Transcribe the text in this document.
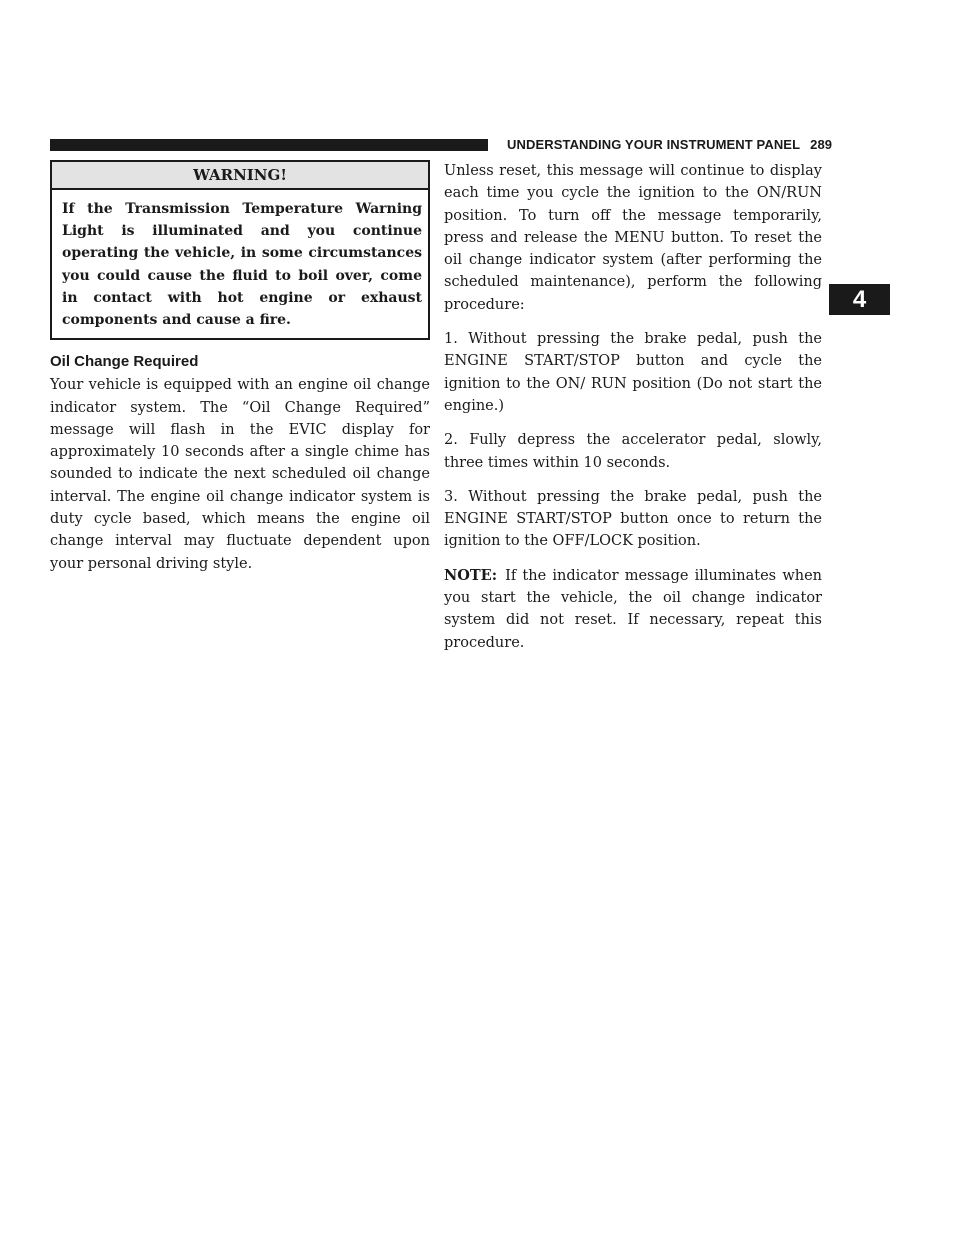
UNDERSTANDING YOUR INSTRUMENT PANEL 289
4
WARNING!
If the Transmission Temperature Warning Light is illuminated and you continue operating the vehicle, in some circumstances you could cause the fluid to boil over, come in contact with hot engine or exhaust components and cause a fire.
Oil Change Required

Your vehicle is equipped with an engine oil change indicator system. The “Oil Change Required” message will flash in the EVIC display for approximately 10 seconds after a single chime has sounded to indicate the next scheduled oil change interval. The engine oil change indicator system is duty cycle based, which means the engine oil change interval may fluctuate dependent upon your personal driving style.

Unless reset, this message will continue to display each time you cycle the ignition to the ON/RUN position. To turn off the message temporarily, press and release the MENU button. To reset the oil change indicator system (after performing the scheduled maintenance), perform the following procedure:

1. Without pressing the brake pedal, push the ENGINE START/STOP button and cycle the ignition to the ON/ RUN position (Do not start the engine.)

2. Fully depress the accelerator pedal, slowly, three times within 10 seconds.

3. Without pressing the brake pedal, push the ENGINE START/STOP button once to return the ignition to the OFF/LOCK position.

NOTE: If the indicator message illuminates when you start the vehicle, the oil change indicator system did not reset. If necessary, repeat this procedure.
